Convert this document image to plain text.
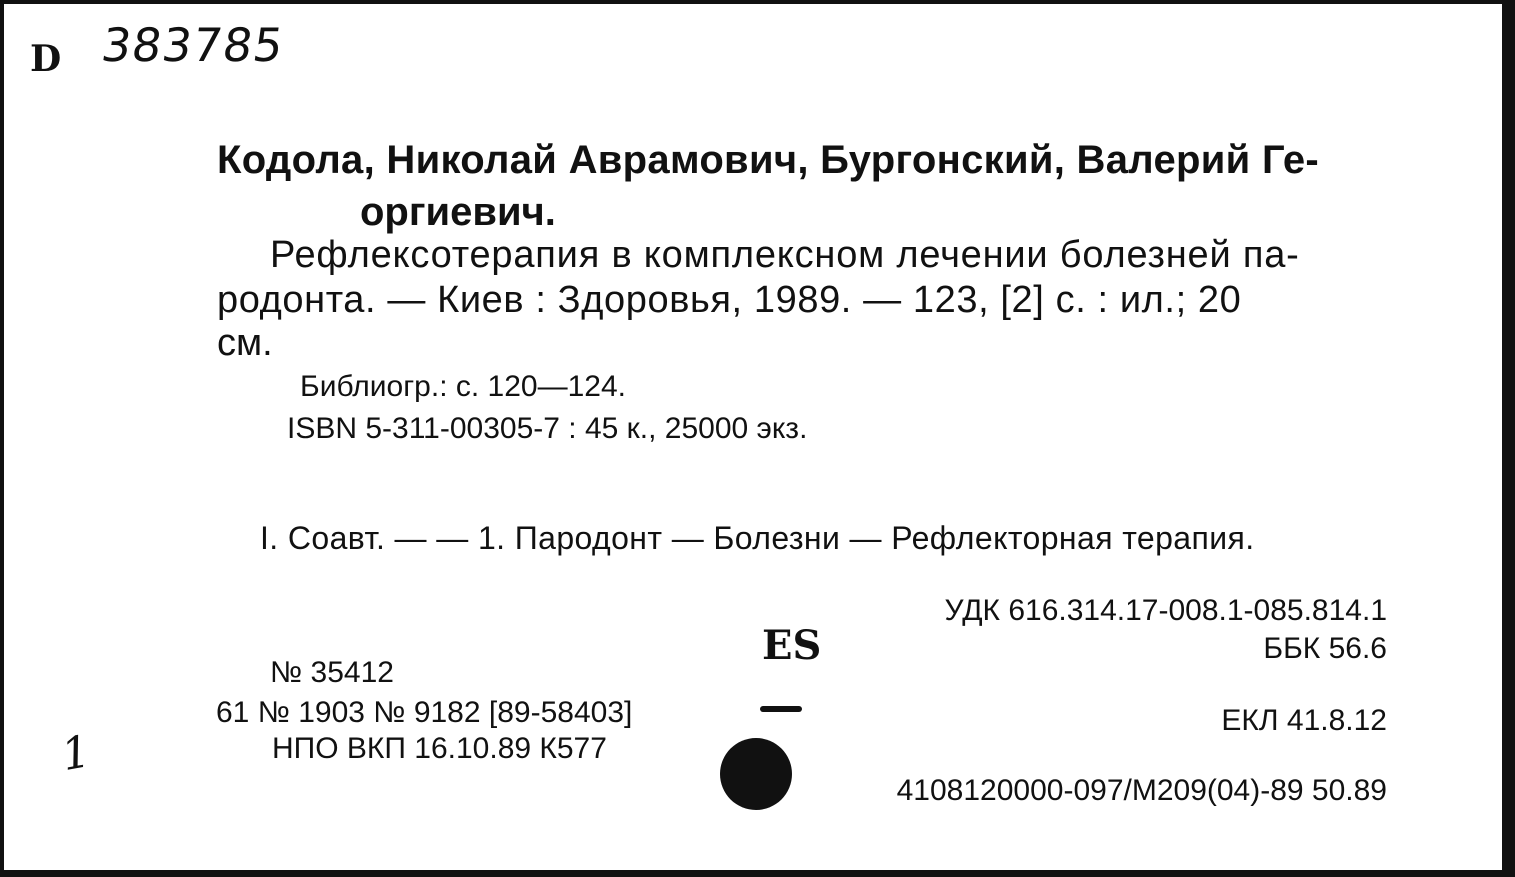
D 383785
Кодола, Николай Аврамович, Бургонский, Валерий Ге-
оргиевич.
Рефлексотерапия в комплексном лечении болезней па-
родонта. — Киев : Здоровья, 1989. — 123, [2] с. : ил.; 20
см.
Библиогр.: с. 120—124.
ISBN 5-311-00305-7 : 45 к., 25000 экз.
I. Соавт. — — 1. Пародонт — Болезни — Рефлекторная терапия.
УДК 616.314.17-008.1-085.814.1
ББК 56.6
ES
№ 35412
61 № 1903 № 9182 [89-58403]
НПО ВКП 16.10.89 К577
ЕКЛ 41.8.12
4108120000-097/М209(04)-89 50.89
1
